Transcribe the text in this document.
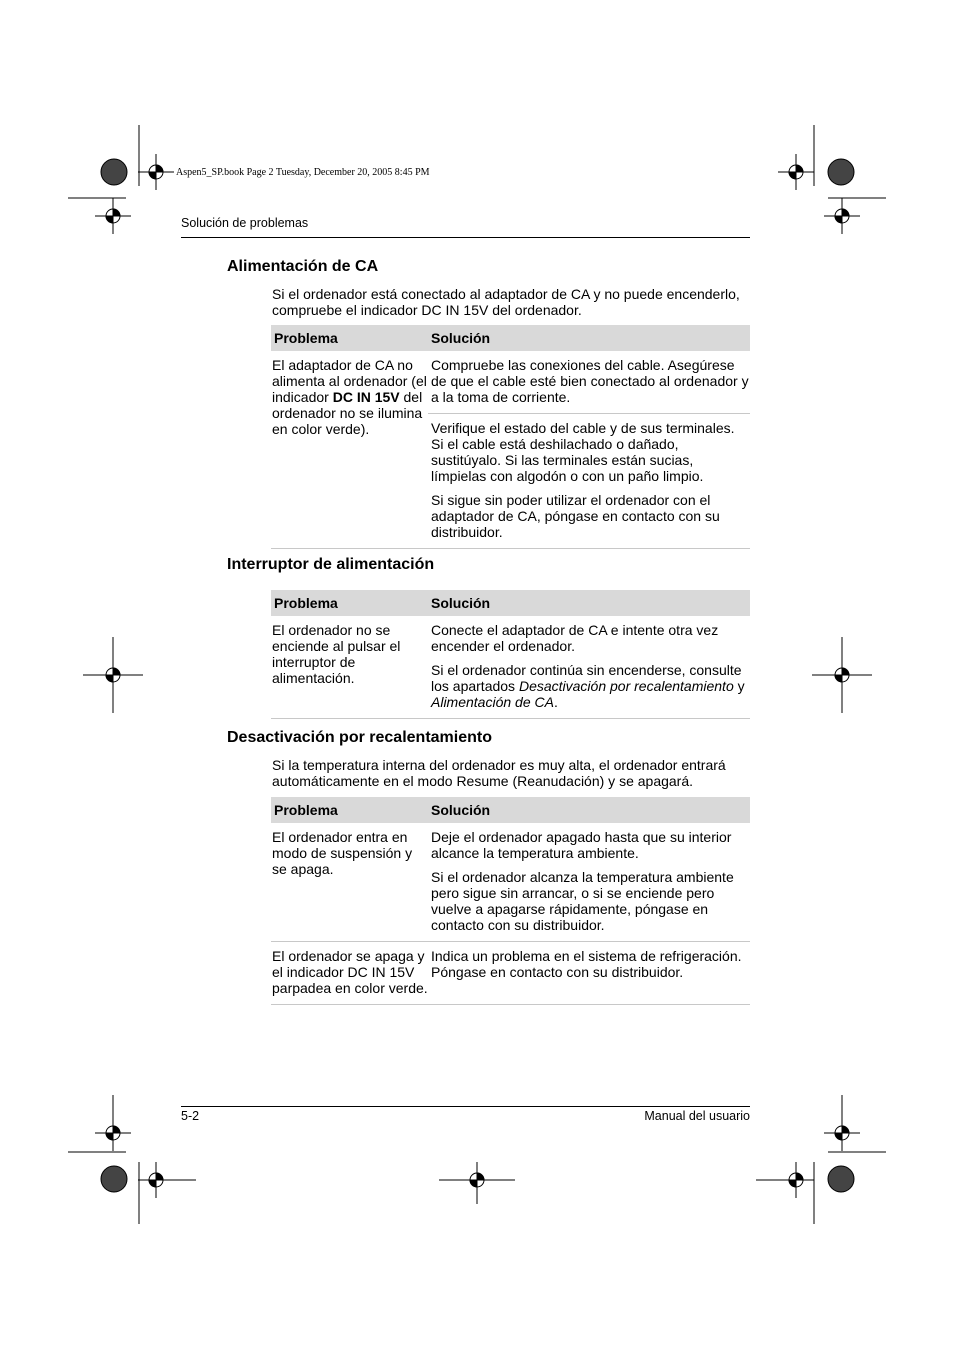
Aspen5_SP.book Page 2 Tuesday, December 20, 2005 8:45 PM
Solución de problemas
Alimentación de CA

Si el ordenador está conectado al adaptador de CA y no puede encenderlo, compruebe el indicador DC IN 15V del ordenador.

Problema	Solución
El adaptador de CA no alimenta al ordenador (el indicador DC IN 15V del ordenador no se ilumina en color verde).	Compruebe las conexiones del cable. Asegúrese de que el cable esté bien conectado al ordenador y a la toma de corriente.

	Verifique el estado del cable y de sus terminales. Si el cable está deshilachado o dañado, sustitúyalo. Si las terminales están sucias, límpielas con algodón o con un paño limpio.

Si sigue sin poder utilizar el ordenador con el adaptador de CA, póngase en contacto con su distribuidor.

Interruptor de alimentación
Problema	Solución
El ordenador no se enciende al pulsar el interruptor de alimentación.	Conecte el adaptador de CA e intente otra vez encender el ordenador.

Si el ordenador continúa sin encenderse, consulte los apartados Desactivación por recalentamiento y Alimentación de CA.

Desactivación por recalentamiento

Si la temperatura interna del ordenador es muy alta, el ordenador entrará automáticamente en el modo Resume (Reanudación) y se apagará.

Problema	Solución
El ordenador entra en modo de suspensión y se apaga.	Deje el ordenador apagado hasta que su interior alcance la temperatura ambiente.

Si el ordenador alcanza la temperatura ambiente pero sigue sin arrancar, o si se enciende pero vuelve a apagarse rápidamente, póngase en contacto con su distribuidor.

El ordenador se apaga y el indicador DC IN 15V parpadea en color verde.	Indica un problema en el sistema de refrigeración. Póngase en contacto con su distribuidor.
5-2	Manual del usuario
